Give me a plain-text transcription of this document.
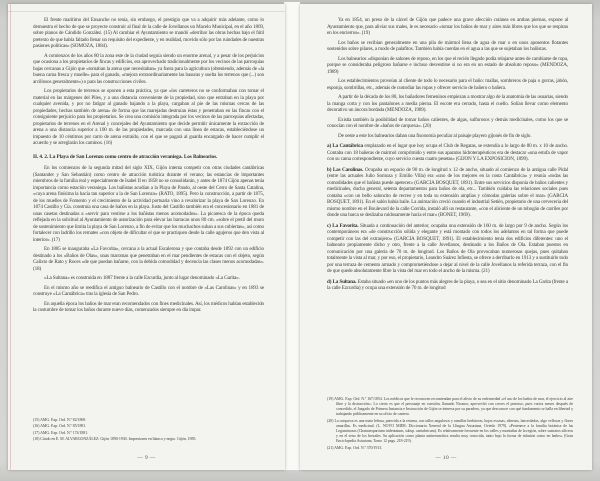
El frente marítimo del Ensanche no tenía, sin embargo, el prestigio que va a adquirir más adelante, como lo demuestra el hecho de que se proyecte construir al final de la calle de Jovellanos un Macelo Municipal, en el año 1869, sobre planos de Cándido González. (15) Al cambiar el Ayuntamiento se mandó «derribar las obras hechas bajo el fútil pretexto de que había faltado llenar un requisito del expediente, y en realidad, movido sólo por las ruindades de nuestras pasiones políticas» (SOMOZA, 1884).

A comienzos de los años 80 la zona este de la ciudad seguía siendo un enorme arenal, y a pesar de los perjuicios que ocasiona a los propietarios de fincas y edificios, era aprovechado tradicionalmente por los vecinos de las parroquias bajas cercanas a Gijón que «tomaban la arena que necesitaban» ya fuera para la agricultura (obteniendo, además de «la buena cama fresca y muelle» para el ganado, «mejora extraordinariamente las basuras y suelta los terrenos que (...) son arcillosos generalmente») o para las construcciones civiles.

Los propietarios de terrenos se oponen a esta práctica, ya que «los carreteros no se conformaban con tomar el material en las márgenes del Piles, y a una distancia conveniente de la propiedad, sino que entraban en la playa por cualquier avenida, y por no fatigar al ganado bajando a la playa, cargaban al pie de las mismas cercas de las propiedades, hechas también de arena» de forma que las marejadas destruían éstas y penetraban en las fincas con el consiguiente perjuicio para los propietarios. Se crea una comisión integrada por los vecinos de las parroquias afectadas, propietarios de terrenos en el Arenal y concejales del Ayuntamiento que decide permitir únicamente la extracción de arena a una distancia superior a 100 m. de las propiedades, marcada con una línea de estacas, estableciéndose un impuesto de 10 céntimos por carro de arena extraído, con el que se pagará al guarda encargado de hacer cumplir el acuerdo y se arreglarán los caminos. (16)

II. 4. 2. La Playa de San Lorenzo como centro de atracción veraniega. Los Balnearios.

En los comienzos de la segunda mitad del siglo XIX, Gijón intenta competir con otras ciudades cantábricas (Santander y San Sebastián) como centro de atracción turística durante el verano; las estancias de importantes miembros de la familia real y especialmente de Isabel II en 1858 no se consolidarán, y antes de 1874 Gijón apenas tenía importancia como estación veraniega. Los bañistas acudían a la Playa de Pando, al oeste del Cerro de Santa Catalina, «cuya arena finísima la hacía tan superior a la de San Lorenzo» (RATO, 1895). Pero la construcción, a partir de 1875, de los muelles de Fomento y el crecimiento de la actividad portuaria vino a revalorizar la playa de San Lorenzo. En 1874 Castillo y Cía. construía una casa de baños en la playa. Justo del Castillo también era el concesionario en 1881 de unas casetas destinadas a «servir para vestirse a los bañistas menos acomodados». La picaresca de la época queda reflejada en la solicitud al Ayuntamiento de autorización para elevar las barracas unos 80 cm. «sobre el pretil del muro de sostenimiento que limita la playa de San Lorenzo, a fin de evitar que los muchachos suban a sus cubiertas», así como fortalecer con ladrillo los remates «con objeto de dificultar el que se practiquen desde la calle agujeros que den vista al interior». (17)

En 1885 se inauguraba «La Favorita», cercana a la actual Escalerona y que contaba desde 1892 con un edificio destinado a los «Baños de Olas», unas maromas que penetraban en el mar pendientes de estacas con el objeto, según Calixto de Rato y Roces «de que puedan bañarse, con la debida comodidad y decencia las clases menos acomodadas». (18)

«La Sultana» es construida en 1887 frente a la calle Ezcurdia, junto al lugar denominado «La Garita».

En el mismo año se reedifica el antiguo balneario de Castillo con el nombre de «Las Carolinas» y en 1893 se construye «La Cantábrica» tras la iglesia de San Pedro.

En aquella época los baños de mar eran recomendados con fines medicinales. Así, los médicos habían establecido la costumbre de tomar los baños durante nueve días, comenzados siempre en día impar.

(15) AMG. Exp. Ord. N.º 82/1869.

(16) AMG. Exp. Ord. N.º 85/1881.

(17) AMG. Exp. Ord. N.º 174/1881.

(18) Citado en E. M. ALVARGONZÁLEZ: Gijón 1890-1930. Impresiones en blanco y negro. Gijón, 1985.

— 9 —

Ya en 1854, un preso de la cárcel de Gijón que padece una grave afección cutánea en ambas piernas, expone al Ayuntamiento que, para aliviar sus males, le es necesario «tomar los baños de mar y aires más libres que los que se respiran en los encierros». (19)

Los baños se recibían generalmente en una pila de mármol llena de agua de mar o en unos aposentos flotantes sostenidos sobre pilares, a modo de palafitos. También había cuerdas en el agua a las que se sujetaban los bañistas.

Los balnearios «disponían de salones de reposo, en los que el recién llegado podía relajarse antes de cambiarse de ropa, porque se consideraba peligroso bañarse e incluso desvestirse si no era en un estado de absoluto reposo» (MENDOZA, 1989)

Los establecimientos proveían al cliente de todo lo necesario para el baño: mallas, sombreros de paja o gorras, jabón, esponja, sombrillas, etc., además de custodiar las ropas y ofrecer servicio de bañero o bañera.

A partir de la década de los 80, los bañadores femeninos empiezan a mostrar algo de la anatomía de las usuarias, siendo la manga corta y con los pantalones a media pierna. El escote era cerrado, hasta el cuello. Solían llevar como elemento decorativo un áncora bordada (MENDOZA, 1989).

Existía también la posibilidad de tomar baños calientes, de algas, sulfurosos y demás medicinales, como los que se conocían con el nombre de «baños de carquexa». (20)

De oeste a este los balnearios daban una fisonomía peculiar al paisaje playero gijonés de fin de siglo.

a) La Cantábrica emplazado en el lugar que hoy ocupa el Club de Regatas, se extendía a lo largo de 80 m. x 10 de ancho. Contaba con 18 bañeras de mármol comprimido y entre sus aparatos hidroterapéuticos era de destacar «una estufa de vapor con su cama correspondiente, cuyo servicio cuesta cuatro pesetas» (GIJON Y LA EXPOSICION, 1899).

b) Las Carolinas. Ocupaba un espacio de 90 m. de longitud x 12 de ancho, situado al comienzo de la antigua calle Pidal (entre las actuales Julio Somoza y Emilio Villa) era «uno de los mejores en la costa Cantábrica» y reunía «todas las comodidades que el bañista puede apetecer» (GARCIA BOSQUET, 1891). Entre sus servicios disponía de baños calientes y medicinales, ducha general, setenta departamentos para baños de ola, etc... También cuidaba las relaciones sociales pues contaba «con un bello saloncito de recreo y en toda su extensión amplias y cómodas galerías sobre el mar» (GARCIA BOSQUET, 1891). En el salón había baile. La animación creció cuando el industrial Setién, propietario de una cervecería del mismo nombre en el Boulevard de la calle Corrida, instaló allí un restaurante, «con el aliciente de un tobogán de carriles por donde una barca se deslizaba ruidosamente hacia el mar» (BONET, 1969).

c) La Favorita. Situada a continuación del anterior, ocupaba una extensión de 160 m. de largo por 9 de ancho. Según los contemporáneos era «de construcción sólida y elegante y está montado con todos los adelantos en tal forma que puede competir con las del extranjero» (GARCIA BOSQUET, 1891). El establecimiento tenía dos edificios diferentes: uno el balneario propiamente dicho y otro, frente a la calle Jovellanos, destinado a los Baños de Ola. Estaban puestos en comunicación por una galería de 70 m. de longitud. Los Baños de Ola provocaban numerosas quejas, pues quitaban totalmente la vista al mar, y por eso, el propietario, Leandro Suárez Infiesta, se ofrece a derribarlo en 1913 y a sustituirlo todo por una terraza de cemento armado y comprometiéndose a dejar al nivel de la calle Jovellanos la referida terraza, con el fin de que quede absolutamente libre la vista del mar en todo el ancho de la misma. (21)

d) La Sultana. Estaba situado «en uno de los puntos más alegres de la playa, o sea en el sitio denominado La Garita (frente a la calle Ezcurdia) y ocupa una extensión de 70 m. de longitud

(19) AMG. Exp. Ord. N.º 167/1854. Los médicos que le reconocen recomiendan para el alivio de su enfermedad «el uso de los baños de mar, el ejercicio al aire libre y la distracción». Lo cierto es que el personaje en cuestión, llamado Nicanor, aprovechó con creces el permiso, pues varios meses después de concedido, el Juzgado de Primera Instancia e Instrucción de Gijón se interesa por su paradero, ya que desconoce con qué fundamento se halla en libertad y trabajando públicamente en su oficio de cantero.

(20) La carquexa es una mata leñosa, parecida a la retama, con tallos angulosos y ramillas herbáceas, hojas escasas, alternas, lanceoladas, algo vellosas y flores amarillas. Es medicinal. (L. NOVO MIER: Diccionariu Xeneral de la Llingua Asturiana, Oviedo 1979). «Pertenece a la familia botánica de las Leguminosas (Chamaespartium tridentatum, subsp. cantabricum). Es relativamente frecuente en los valles y montañas de la región, sobre sustratos silíceos y en el seno de los brezales. Su aplicación como planta antirreumática resulta muy conocida, tanto bajo la forma de infusión como en baños» (Gran Enciclopedia Asturiana, Tomo 12 pags. 218-219).

(21) AMG. Exp. Ord. N.º 370/1913.

— 10 —
